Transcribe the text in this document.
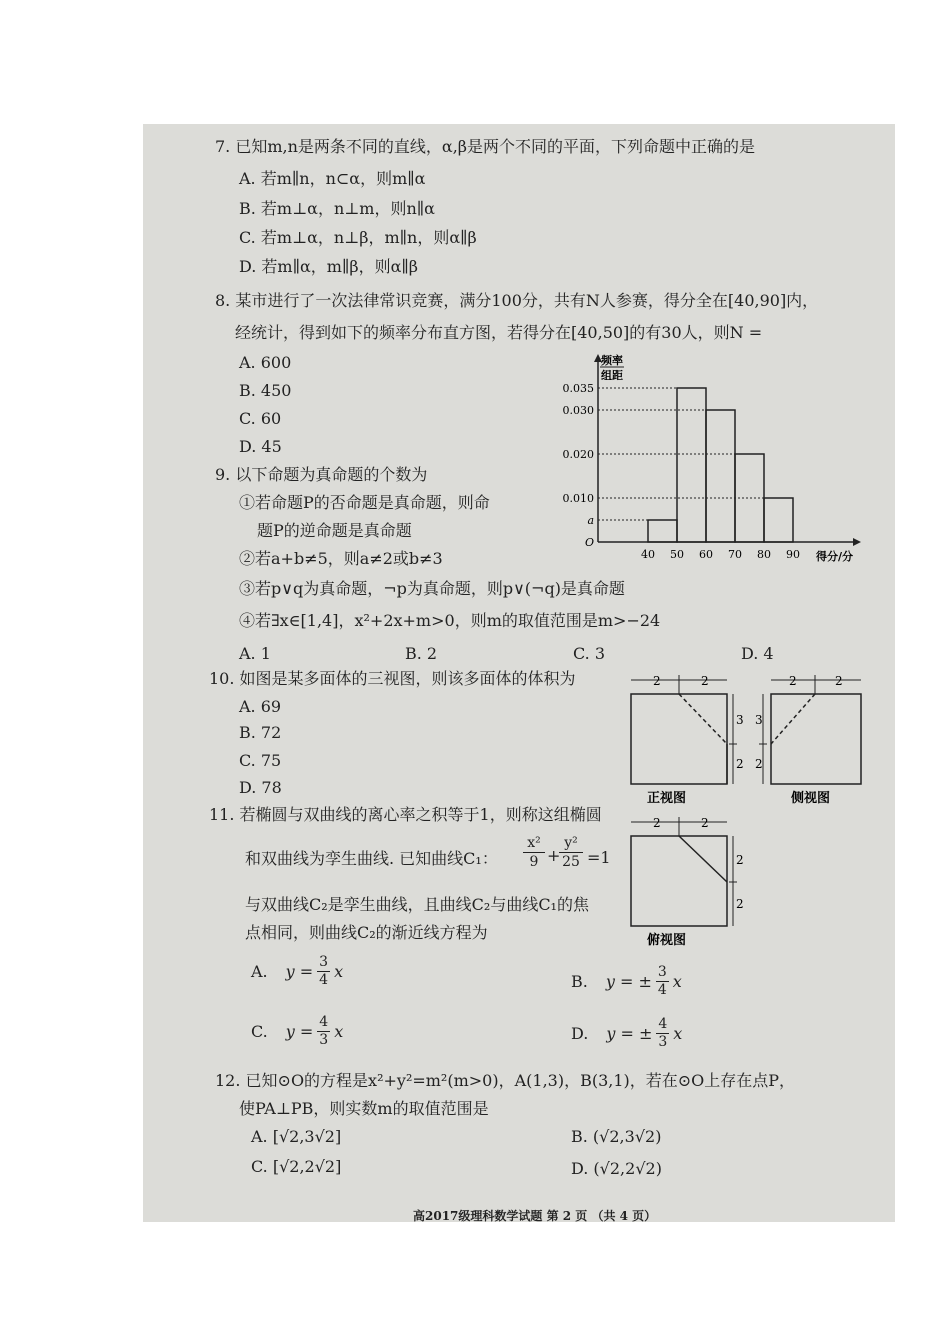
7. 已知m,n是两条不同的直线，α,β是两个不同的平面，下列命题中正确的是
A. 若m∥n，n⊂α，则m∥α
B. 若m⊥α，n⊥m，则n∥α
C. 若m⊥α，n⊥β，m∥n，则α∥β
D. 若m∥α，m∥β，则α∥β
8. 某市进行了一次法律常识竞赛，满分100分，共有N人参赛，得分全在[40,90]内，
经统计，得到如下的频率分布直方图，若得分在[40,50]的有30人，则N =
A. 600
B. 450
C. 60
D. 45
O
a
0.010
0.020
0.030
0.035
40 50 60 70 80 90
频率
组距
得分/分
9. 以下命题为真命题的个数为
①若命题P的否命题是真命题，则命
题P的逆命题是真命题
②若a+b≠5，则a≠2或b≠3
③若p∨q为真命题，¬p为真命题，则p∨(¬q)是真命题
④若∃x∈[1,4]，x²+2x+m>0，则m的取值范围是m>−24
A. 1	B. 2	C. 3	D. 4
10. 如图是某多面体的三视图，则该多面体的体积为
A. 69
B. 72
C. 75
D. 78
2	2
3
2
正视图
2	2
3
2
侧视图
2	2
2
2
俯视图
11. 若椭圆与双曲线的离心率之积等于1，则称这组椭圆
和双曲线为孪生曲线. 已知曲线C₁：
x²
9 +
y²
25 =1
与双曲线C₂是孪生曲线，且曲线C₂与曲线C₁的焦
点相同，则曲线C₂的渐近线方程为
A. $y = \frac{3}{4}$ x
B. y = ± $\frac{3}{4}$ x
C. $y = \frac{4}{3}$ x	D. y = ± $\frac{4}{3}$ x
12. 已知⊙O的方程是x²+y²=m²(m>0)，A(1,3)，B(3,1)，若在⊙O上存在点P，
使PA⊥PB，则实数m的取值范围是
A. [√2,3√2]	B. (√2,3√2)
C. [√2,2√2]	D. (√2,2√2)
高2017级理科数学试题 第 2 页 （共 4 页）
